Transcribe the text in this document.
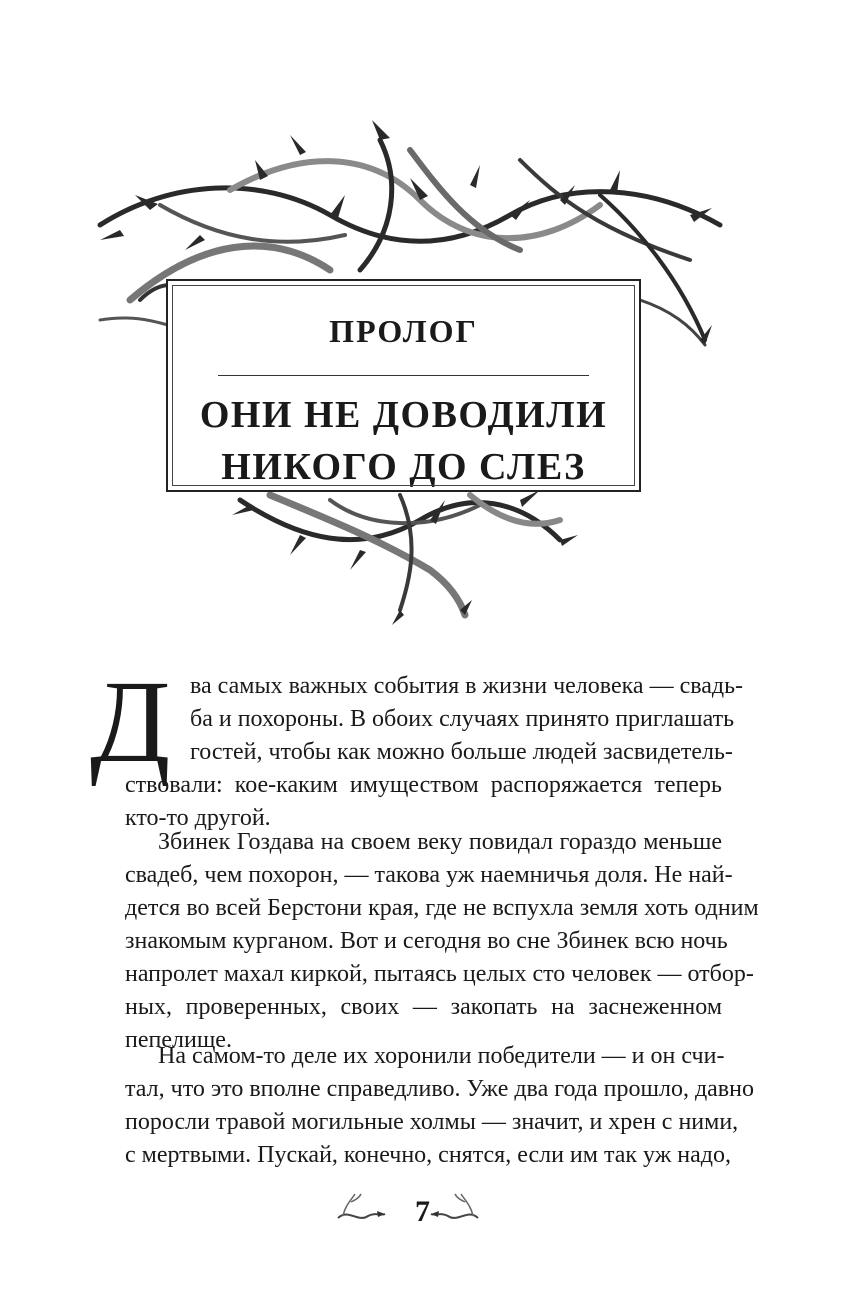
ПРОЛОГ
ОНИ НЕ ДОВОДИЛИ
НИКОГО ДО СЛЕЗ
Д ва самых важных события в жизни человека — свадь-
ба и похороны. В обоих случаях принято приглашать
гостей, чтобы как можно больше людей засвидетель-

ствовали: кое-каким имуществом распоряжается теперь
кто-то другой.

Збинек Гоздава на своем веку повидал гораздо меньше
свадеб, чем похорон, — такова уж наемничья доля. Не най-
дется во всей Берстони края, где не вспухла земля хоть одним
знакомым курганом. Вот и сегодня во сне Збинек всю ночь
напролет махал киркой, пытаясь целых сто человек — отбор-
ных, проверенных, своих — закопать на заснеженном
пепелище.

На самом-то деле их хоронили победители — и он счи-
тал, что это вполне справедливо. Уже два года прошло, давно
поросли травой могильные холмы — значит, и хрен с ними,
с мертвыми. Пускай, конечно, снятся, если им так уж надо,

7
